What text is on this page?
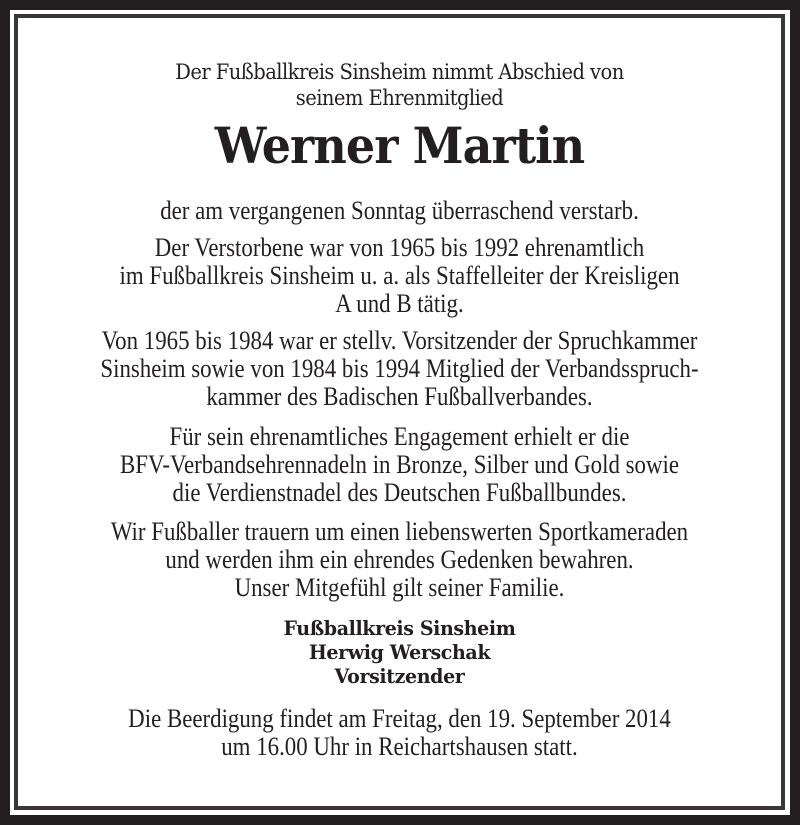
Der Fußballkreis Sinsheim nimmt Abschied von
seinem Ehrenmitglied
Werner Martin
der am vergangenen Sonntag überraschend verstarb.
Der Verstorbene war von 1965 bis 1992 ehrenamtlich
im Fußballkreis Sinsheim u. a. als Staffelleiter der Kreisligen
A und B tätig.
Von 1965 bis 1984 war er stellv. Vorsitzender der Spruchkammer
Sinsheim sowie von 1984 bis 1994 Mitglied der Verbandsspruch-
kammer des Badischen Fußballverbandes.
Für sein ehrenamtliches Engagement erhielt er die
BFV-Verbandsehrennadeln in Bronze, Silber und Gold sowie
die Verdienstnadel des Deutschen Fußballbundes.
Wir Fußballer trauern um einen liebenswerten Sportkameraden
und werden ihm ein ehrendes Gedenken bewahren.
Unser Mitgefühl gilt seiner Familie.
Fußballkreis Sinsheim
Herwig Werschak
Vorsitzender
Die Beerdigung findet am Freitag, den 19. September 2014
um 16.00 Uhr in Reichartshausen statt.
